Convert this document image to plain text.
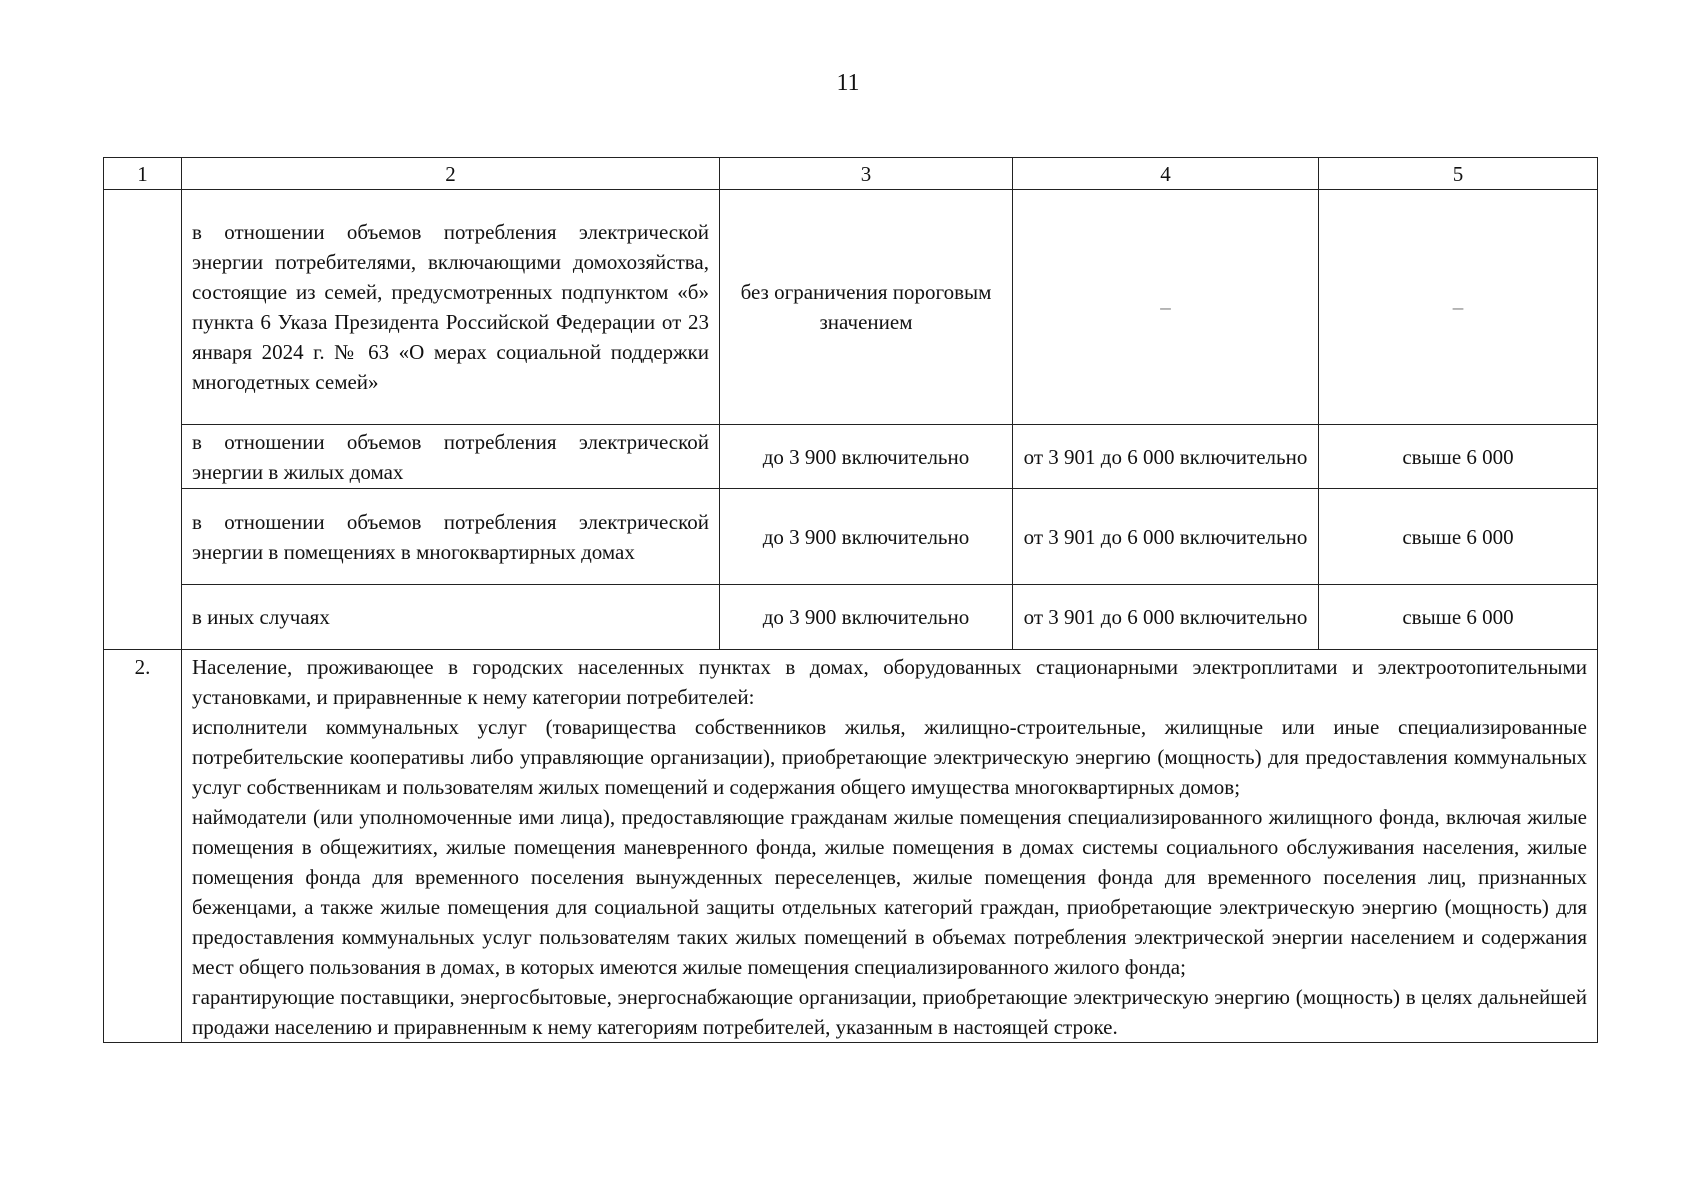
11
1	2	3	4	5
	в отношении объемов потребления электрической энергии потребителями, включающими домохозяйства, состоящие из семей, предусмотренных подпунктом «б» пункта 6 Указа Президента Российской Федерации от 23 января 2024 г. № 63 «О мерах социальной поддержки многодетных семей»	без ограничения пороговым значением	–	–
	в отношении объемов потребления электрической энергии в жилых домах	до 3 900 включительно	от 3 901 до 6 000 включительно	свыше 6 000
	в отношении объемов потребления электрической энергии в помещениях в многоквартирных домах	до 3 900 включительно	от 3 901 до 6 000 включительно	свыше 6 000
	в иных случаях	до 3 900 включительно	от 3 901 до 6 000 включительно	свыше 6 000
2.	Население, проживающее в городских населенных пунктах в домах, оборудованных стационарными электроплитами и электроотопительными установками, и приравненные к нему категории потребителей:
исполнители коммунальных услуг (товарищества собственников жилья, жилищно-строительные, жилищные или иные специализированные потребительские кооперативы либо управляющие организации), приобретающие электрическую энергию (мощность) для предоставления коммунальных услуг собственникам и пользователям жилых помещений и содержания общего имущества многоквартирных домов;
наймодатели (или уполномоченные ими лица), предоставляющие гражданам жилые помещения специализированного жилищного фонда, включая жилые помещения в общежитиях, жилые помещения маневренного фонда, жилые помещения в домах системы социального обслуживания населения, жилые помещения фонда для временного поселения вынужденных переселенцев, жилые помещения фонда для временного поселения лиц, признанных беженцами, а также жилые помещения для социальной защиты отдельных категорий граждан, приобретающие электрическую энергию (мощность) для предоставления коммунальных услуг пользователям таких жилых помещений в объемах потребления электрической энергии населением и содержания мест общего пользования в домах, в которых имеются жилые помещения специализированного жилого фонда;
гарантирующие поставщики, энергосбытовые, энергоснабжающие организации, приобретающие электрическую энергию (мощность) в целях дальнейшей продажи населению и приравненным к нему категориям потребителей, указанным в настоящей строке.			
